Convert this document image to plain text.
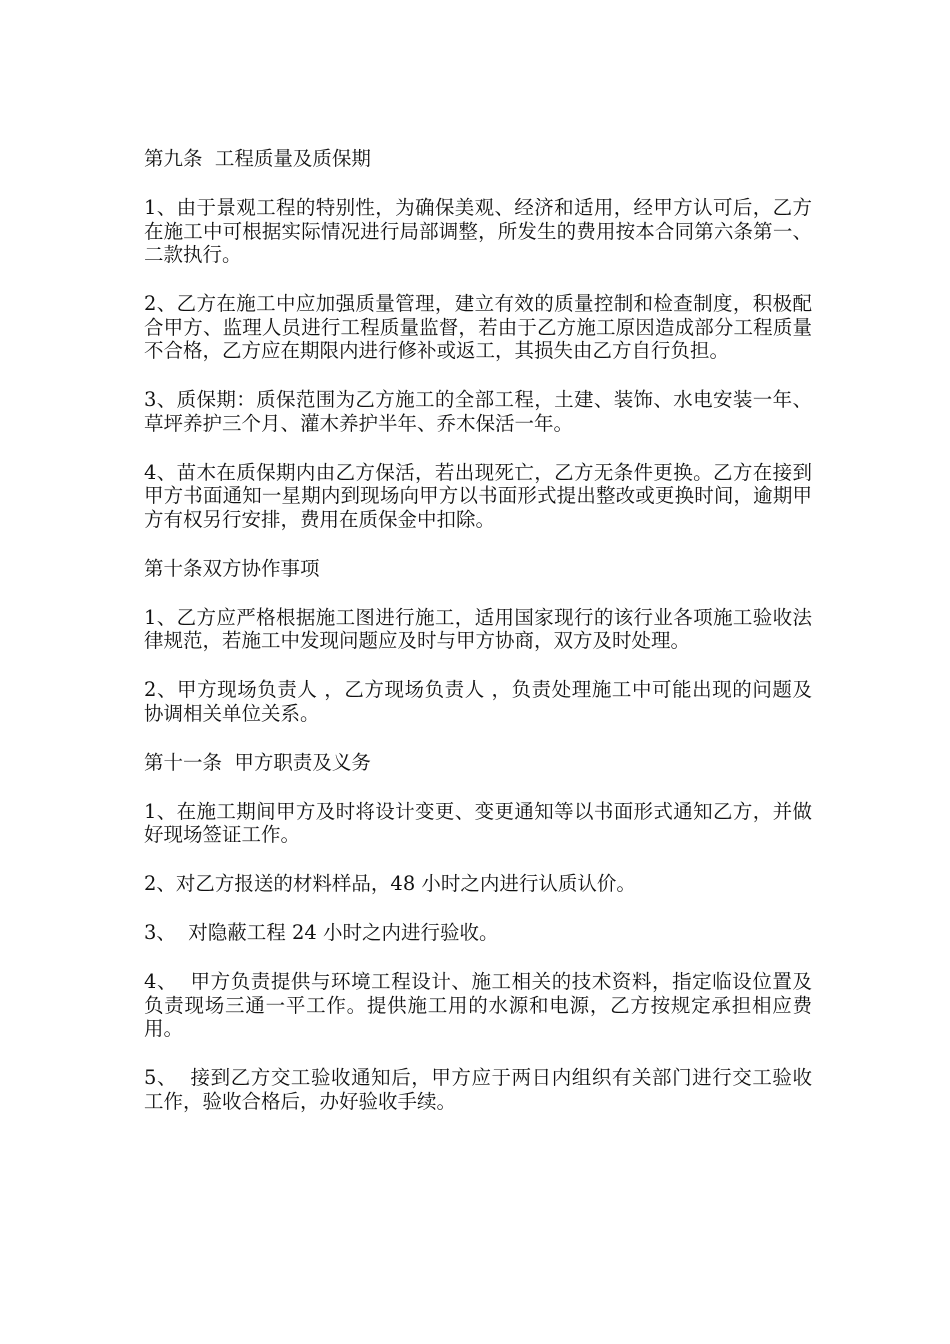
第九条  工程质量及质保期

1、由于景观工程的特别性，为确保美观、经济和适用，经甲方认可后，乙方在施工中可根据实际情况进行局部调整，所发生的费用按本合同第六条第一、二款执行。

2、乙方在施工中应加强质量管理，建立有效的质量控制和检查制度，积极配合甲方、监理人员进行工程质量监督，若由于乙方施工原因造成部分工程质量不合格，乙方应在期限内进行修补或返工，其损失由乙方自行负担。

3、质保期：质保范围为乙方施工的全部工程，土建、装饰、水电安装一年、草坪养护三个月、灌木养护半年、乔木保活一年。

4、苗木在质保期内由乙方保活，若出现死亡，乙方无条件更换。乙方在接到甲方书面通知一星期内到现场向甲方以书面形式提出整改或更换时间，逾期甲方有权另行安排，费用在质保金中扣除。

第十条双方协作事项

1、乙方应严格根据施工图进行施工，适用国家现行的该行业各项施工验收法律规范，若施工中发现问题应及时与甲方协商，双方及时处理。

2、甲方现场负责人 ，乙方现场负责人 ，负责处理施工中可能出现的问题及协调相关单位关系。

第十一条  甲方职责及义务

1、在施工期间甲方及时将设计变更、变更通知等以书面形式通知乙方，并做好现场签证工作。

2、对乙方报送的材料样品，48 小时之内进行认质认价。

3、  对隐蔽工程 24 小时之内进行验收。

4、  甲方负责提供与环境工程设计、施工相关的技术资料，指定临设位置及负责现场三通一平工作。提供施工用的水源和电源，乙方按规定承担相应费用。

5、  接到乙方交工验收通知后，甲方应于两日内组织有关部门进行交工验收工作，验收合格后，办好验收手续。
